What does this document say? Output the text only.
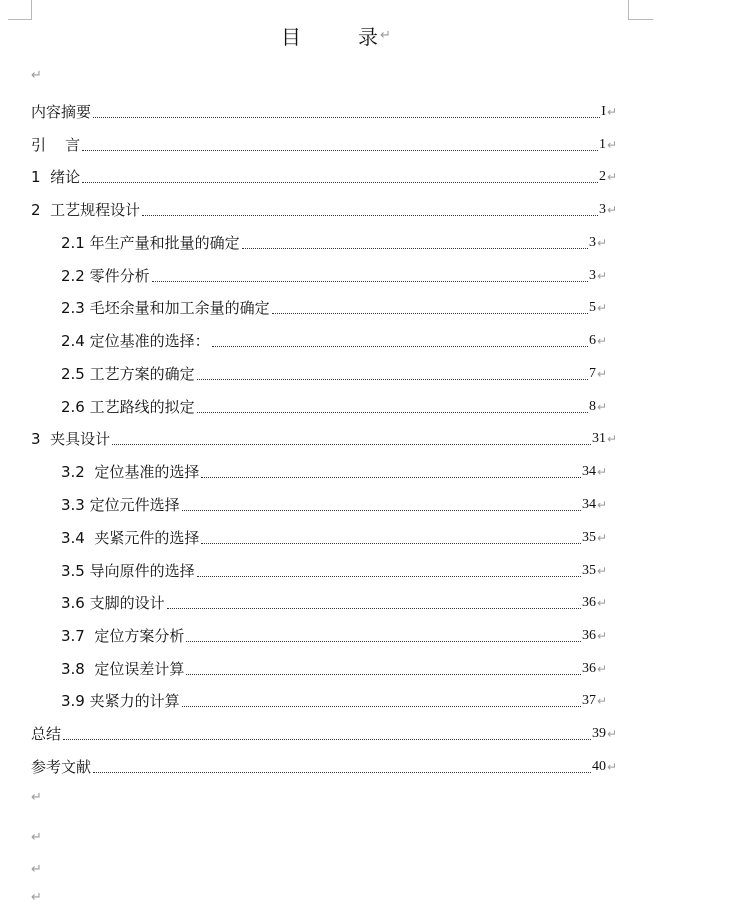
目	录 ↵
↵
内容摘要	I ↵
引    言	1 ↵
1  绪论	2 ↵
2  工艺规程设计	3 ↵
2.1 年生产量和批量的确定	3 ↵
2.2 零件分析	3 ↵
2.3 毛坯余量和加工余量的确定	5 ↵
2.4 定位基准的选择：	6 ↵
2.5 工艺方案的确定	7 ↵
2.6 工艺路线的拟定	8 ↵
3  夹具设计	31 ↵
3.2  定位基准的选择	34 ↵
3.3 定位元件选择	34 ↵
3.4  夹紧元件的选择	35 ↵
3.5 导向原件的选择	35 ↵
3.6 支脚的设计	36 ↵
3.7  定位方案分析	36 ↵
3.8  定位误差计算	36 ↵
3.9 夹紧力的计算	37 ↵
总结	39 ↵
参考文献	40 ↵
↵
↵
↵
↵
